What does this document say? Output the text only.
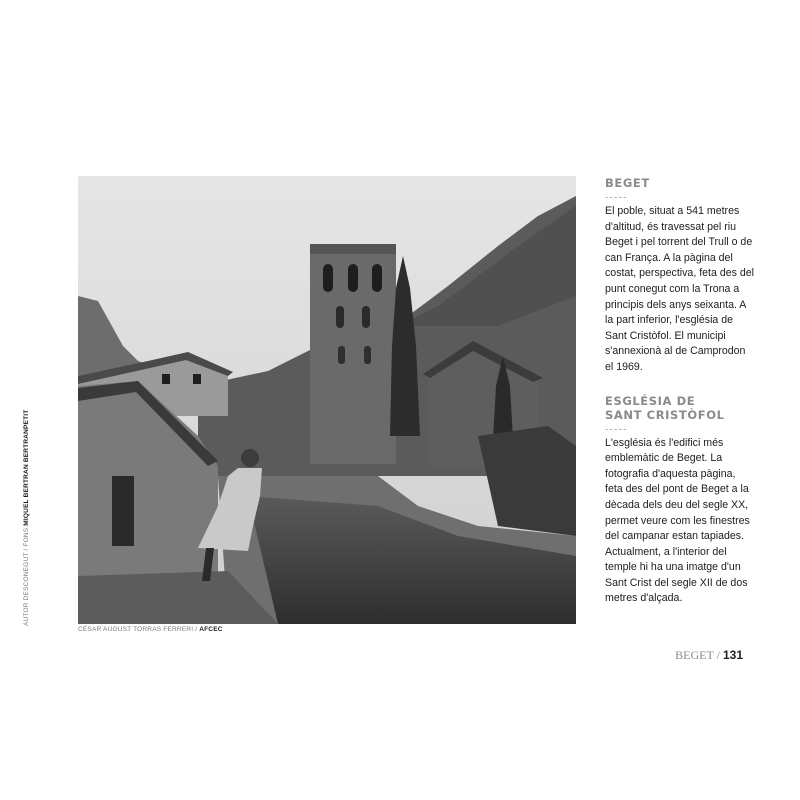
CÉSAR AUGUST TORRAS FERRERI / AFCEC
AUTOR DESCONEGUT / FONS MIQUEL BERTRAN BERTRANPETIT
BEGET
-----

El poble, situat a 541 metres d'altitud, és travessat pel riu Beget i pel torrent del Trull o de can França. A la pàgina del costat, perspectiva, feta des del punt conegut com la Trona a principis dels anys seixanta. A la part inferior, l'església de Sant Cristòfol. El municipi s'annexionà al de Camprodon el 1969.

ESGLÉSIA DE SANT CRISTÒFOL
-----

L'església és l'edifici més emblemàtic de Beget. La fotografia d'aquesta pàgina, feta des del pont de Beget a la dècada dels deu del segle XX, permet veure com les finestres del campanar estan tapiades. Actualment, a l'interior del temple hi ha una imatge d'un Sant Crist del segle XII de dos metres d'alçada.

BEGET / 131
